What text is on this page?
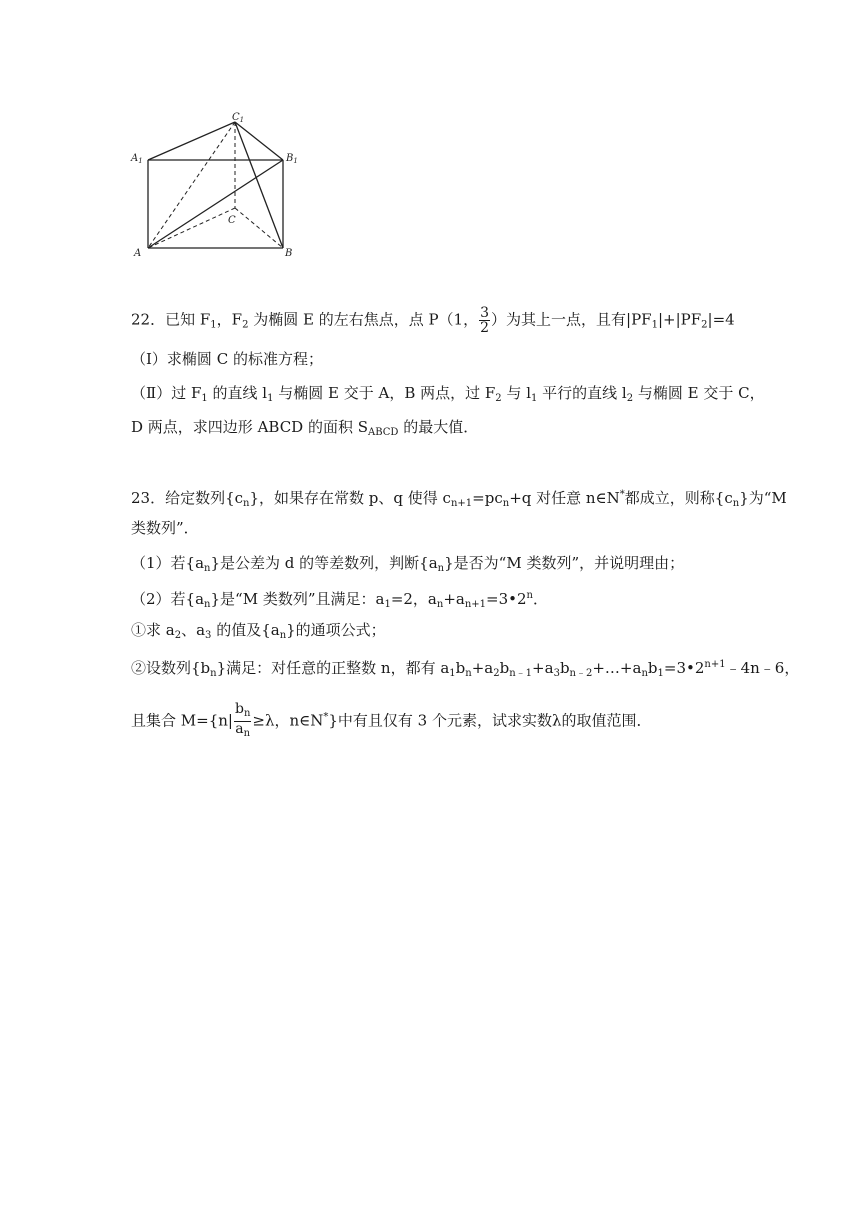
$C_1$
$A_1$	$B_1$
C
A	B
22．已知 $F_1$，$F_2$ 为椭圆 E 的左右焦点，点 P（1， $\frac{3}{2}$ ）为其上一点，且有$|PF_1|+|PF_2|=4$
（Ⅰ）求椭圆 C 的标准方程；
（Ⅱ）过 $F_1$ 的直线 $l_1$ 与椭圆 E 交于 A，B 两点，过 $F_2$ 与 $l_1$ 平行的直线 $l_2$ 与椭圆 E 交于 C，
D 两点，求四边形 ABCD 的面积 $S_{ABCD}$ 的最大值．
23．给定数列$\{c_n\}$，如果存在常数 p、q 使得 $c_{n+1}=pc_n+q$ 对任意 n∈N*都成立，则称$\{c_n\}$为“M
类数列”．
（1）若$\{a_n\}$是公差为 d 的等差数列，判断$\{a_n\}$是否为“M 类数列”，并说明理由；
（2）若$\{a_n\}$是“M 类数列”且满足：$a_1=2$，$a_n+a_{n+1}=3•2^n$．
①求 $a_2$、$a_3$ 的值及$\{a_n\}$的通项公式；
②设数列$\{b_n\}$满足：对任意的正整数 n，都有 $a_1b_n+a_2b_{n﹣1}+a_3b_{n﹣2}+\dots+a_nb_1=3•2^{n+1}﹣4n﹣6$，
且集合 $M=\{n| \frac{b_n}{a_n} \ge\lambda$，n∈N*}中有且仅有 3 个元素，试求实数λ的取值范围．
